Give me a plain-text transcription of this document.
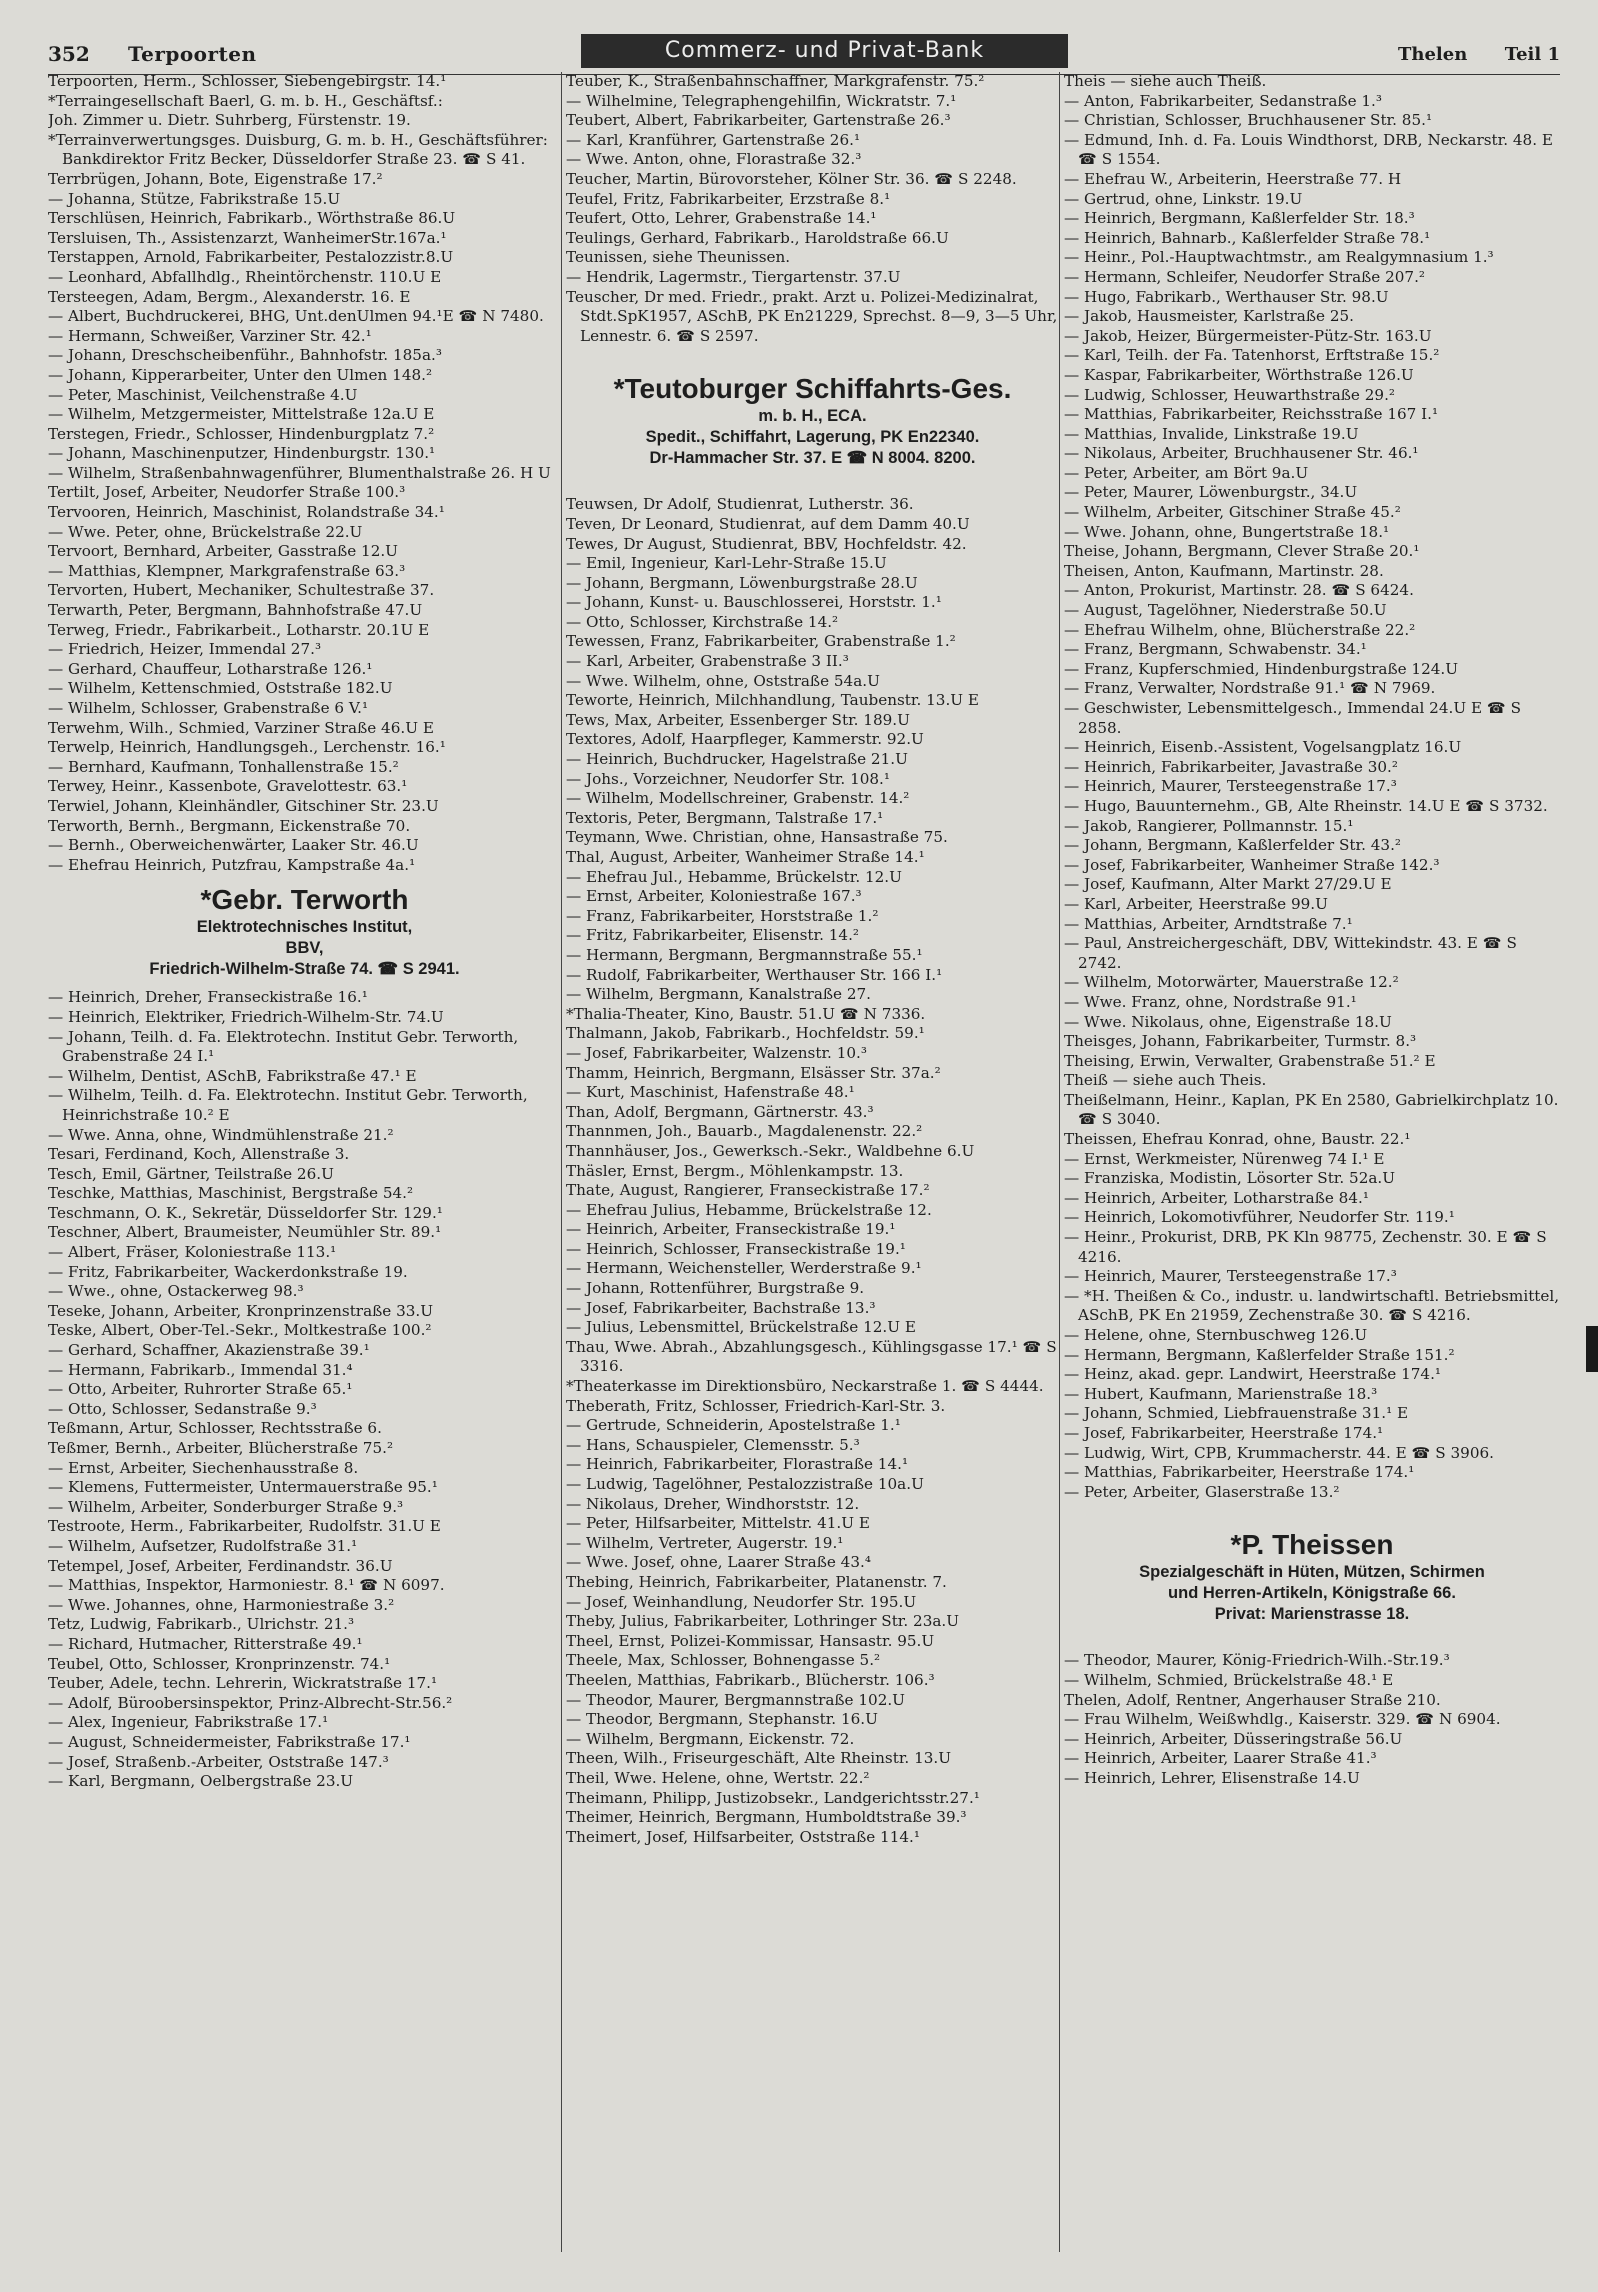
352 Terpoorten	Commerz- und Privat-Bank	Thelen Teil 1
Terpoorten, Herm., Schlosser, Siebengebirgstr. 14.¹
*Terraingesellschaft Baerl, G. m. b. H., Geschäftsf.:
Joh. Zimmer u. Dietr. Suhrberg, Fürstenstr. 19.
*Terrainverwertungsges. Duisburg, G. m. b. H., Geschäftsführer: Bankdirektor Fritz Becker, Düsseldorfer Straße 23. ☎ S 41.
Terrbrügen, Johann, Bote, Eigenstraße 17.²
— Johanna, Stütze, Fabrikstraße 15.U
Terschlüsen, Heinrich, Fabrikarb., Wörthstraße 86.U
Tersluisen, Th., Assistenzarzt, WanheimerStr.167a.¹
Terstappen, Arnold, Fabrikarbeiter, Pestalozzistr.8.U
— Leonhard, Abfallhdlg., Rheintörchenstr. 110.U E
Tersteegen, Adam, Bergm., Alexanderstr. 16. E
— Albert, Buchdruckerei, BHG, Unt.denUlmen 94.¹E ☎ N 7480.
— Hermann, Schweißer, Varziner Str. 42.¹
— Johann, Dreschscheibenführ., Bahnhofstr. 185a.³
— Johann, Kipperarbeiter, Unter den Ulmen 148.²
— Peter, Maschinist, Veilchenstraße 4.U
— Wilhelm, Metzgermeister, Mittelstraße 12a.U E
Terstegen, Friedr., Schlosser, Hindenburgplatz 7.²
— Johann, Maschinenputzer, Hindenburgstr. 130.¹
— Wilhelm, Straßenbahnwagenführer, Blumenthalstraße 26. H U
Tertilt, Josef, Arbeiter, Neudorfer Straße 100.³
Tervooren, Heinrich, Maschinist, Rolandstraße 34.¹
— Wwe. Peter, ohne, Brückelstraße 22.U
Tervoort, Bernhard, Arbeiter, Gasstraße 12.U
— Matthias, Klempner, Markgrafenstraße 63.³
Tervorten, Hubert, Mechaniker, Schultestraße 37.
Terwarth, Peter, Bergmann, Bahnhofstraße 47.U
Terweg, Friedr., Fabrikarbeit., Lotharstr. 20.1U E
— Friedrich, Heizer, Immendal 27.³
— Gerhard, Chauffeur, Lotharstraße 126.¹
— Wilhelm, Kettenschmied, Oststraße 182.U
— Wilhelm, Schlosser, Grabenstraße 6 V.¹
Terwehm, Wilh., Schmied, Varziner Straße 46.U E
Terwelp, Heinrich, Handlungsgeh., Lerchenstr. 16.¹
— Bernhard, Kaufmann, Tonhallenstraße 15.²
Terwey, Heinr., Kassenbote, Gravelottestr. 63.¹
Terwiel, Johann, Kleinhändler, Gitschiner Str. 23.U
Terworth, Bernh., Bergmann, Eickenstraße 70.
— Bernh., Oberweichenwärter, Laaker Str. 46.U
— Ehefrau Heinrich, Putzfrau, Kampstraße 4a.¹
*Gebr. Terworth
Elektrotechnisches Institut,
BBV,
Friedrich-Wilhelm-Straße 74. ☎ S 2941.
— Heinrich, Dreher, Franseckistraße 16.¹
— Heinrich, Elektriker, Friedrich-Wilhelm-Str. 74.U
— Johann, Teilh. d. Fa. Elektrotechn. Institut Gebr. Terworth, Grabenstraße 24 I.¹
— Wilhelm, Dentist, ASchB, Fabrikstraße 47.¹ E
— Wilhelm, Teilh. d. Fa. Elektrotechn. Institut Gebr. Terworth, Heinrichstraße 10.² E
— Wwe. Anna, ohne, Windmühlenstraße 21.²
Tesari, Ferdinand, Koch, Allenstraße 3.
Tesch, Emil, Gärtner, Teilstraße 26.U
Teschke, Matthias, Maschinist, Bergstraße 54.²
Teschmann, O. K., Sekretär, Düsseldorfer Str. 129.¹
Teschner, Albert, Braumeister, Neumühler Str. 89.¹
— Albert, Fräser, Koloniestraße 113.¹
— Fritz, Fabrikarbeiter, Wackerdonkstraße 19.
— Wwe., ohne, Ostackerweg 98.³
Teseke, Johann, Arbeiter, Kronprinzenstraße 33.U
Teske, Albert, Ober-Tel.-Sekr., Moltkestraße 100.²
— Gerhard, Schaffner, Akazienstraße 39.¹
— Hermann, Fabrikarb., Immendal 31.⁴
— Otto, Arbeiter, Ruhrorter Straße 65.¹
— Otto, Schlosser, Sedanstraße 9.³
Teßmann, Artur, Schlosser, Rechtsstraße 6.
Teßmer, Bernh., Arbeiter, Blücherstraße 75.²
— Ernst, Arbeiter, Siechenhausstraße 8.
— Klemens, Futtermeister, Untermauerstraße 95.¹
— Wilhelm, Arbeiter, Sonderburger Straße 9.³
Testroote, Herm., Fabrikarbeiter, Rudolfstr. 31.U E
— Wilhelm, Aufsetzer, Rudolfstraße 31.¹
Tetempel, Josef, Arbeiter, Ferdinandstr. 36.U
— Matthias, Inspektor, Harmoniestr. 8.¹ ☎ N 6097.
— Wwe. Johannes, ohne, Harmoniestraße 3.²
Tetz, Ludwig, Fabrikarb., Ulrichstr. 21.³
— Richard, Hutmacher, Ritterstraße 49.¹
Teubel, Otto, Schlosser, Kronprinzenstr. 74.¹
Teuber, Adele, techn. Lehrerin, Wickratstraße 17.¹
— Adolf, Büroobersinspektor, Prinz-Albrecht-Str.56.²
— Alex, Ingenieur, Fabrikstraße 17.¹
— August, Schneidermeister, Fabrikstraße 17.¹
— Josef, Straßenb.-Arbeiter, Oststraße 147.³
— Karl, Bergmann, Oelbergstraße 23.U
Teuber, K., Straßenbahnschaffner, Markgrafenstr. 75.²
— Wilhelmine, Telegraphengehilfin, Wickratstr. 7.¹
Teubert, Albert, Fabrikarbeiter, Gartenstraße 26.³
— Karl, Kranführer, Gartenstraße 26.¹
— Wwe. Anton, ohne, Florastraße 32.³
Teucher, Martin, Bürovorsteher, Kölner Str. 36. ☎ S 2248.
Teufel, Fritz, Fabrikarbeiter, Erzstraße 8.¹
Teufert, Otto, Lehrer, Grabenstraße 14.¹
Teulings, Gerhard, Fabrikarb., Haroldstraße 66.U
Teunissen, siehe Theunissen.
— Hendrik, Lagermstr., Tiergartenstr. 37.U
Teuscher, Dr med. Friedr., prakt. Arzt u. Polizei-Medizinalrat, Stdt.SpK1957, ASchB, PK En21229, Sprechst. 8—9, 3—5 Uhr, Lennestr. 6. ☎ S 2597.
*Teutoburger Schiffahrts-Ges.
m. b. H., ECA.
Spedit., Schiffahrt, Lagerung, PK En22340.
Dr-Hammacher Str. 37. E ☎ N 8004. 8200.
Teuwsen, Dr Adolf, Studienrat, Lutherstr. 36.
Teven, Dr Leonard, Studienrat, auf dem Damm 40.U
Tewes, Dr August, Studienrat, BBV, Hochfeldstr. 42.
— Emil, Ingenieur, Karl-Lehr-Straße 15.U
— Johann, Bergmann, Löwenburgstraße 28.U
— Johann, Kunst- u. Bauschlosserei, Horststr. 1.¹
— Otto, Schlosser, Kirchstraße 14.²
Tewessen, Franz, Fabrikarbeiter, Grabenstraße 1.²
— Karl, Arbeiter, Grabenstraße 3 II.³
— Wwe. Wilhelm, ohne, Oststraße 54a.U
Teworte, Heinrich, Milchhandlung, Taubenstr. 13.U E
Tews, Max, Arbeiter, Essenberger Str. 189.U
Textores, Adolf, Haarpfleger, Kammerstr. 92.U
— Heinrich, Buchdrucker, Hagelstraße 21.U
— Johs., Vorzeichner, Neudorfer Str. 108.¹
— Wilhelm, Modellschreiner, Grabenstr. 14.²
Textoris, Peter, Bergmann, Talstraße 17.¹
Teymann, Wwe. Christian, ohne, Hansastraße 75.
Thal, August, Arbeiter, Wanheimer Straße 14.¹
— Ehefrau Jul., Hebamme, Brückelstr. 12.U
— Ernst, Arbeiter, Koloniestraße 167.³
— Franz, Fabrikarbeiter, Horststraße 1.²
— Fritz, Fabrikarbeiter, Elisenstr. 14.²
— Hermann, Bergmann, Bergmannstraße 55.¹
— Rudolf, Fabrikarbeiter, Werthauser Str. 166 I.¹
— Wilhelm, Bergmann, Kanalstraße 27.
*Thalia-Theater, Kino, Baustr. 51.U ☎ N 7336.
Thalmann, Jakob, Fabrikarb., Hochfeldstr. 59.¹
— Josef, Fabrikarbeiter, Walzenstr. 10.³
Thamm, Heinrich, Bergmann, Elsässer Str. 37a.²
— Kurt, Maschinist, Hafenstraße 48.¹
Than, Adolf, Bergmann, Gärtnerstr. 43.³
Thannmen, Joh., Bauarb., Magdalenenstr. 22.²
Thannhäuser, Jos., Gewerksch.-Sekr., Waldbehne 6.U
Thäsler, Ernst, Bergm., Möhlenkampstr. 13.
Thate, August, Rangierer, Franseckistraße 17.²
— Ehefrau Julius, Hebamme, Brückelstraße 12.
— Heinrich, Arbeiter, Franseckistraße 19.¹
— Heinrich, Schlosser, Franseckistraße 19.¹
— Hermann, Weichensteller, Werderstraße 9.¹
— Johann, Rottenführer, Burgstraße 9.
— Josef, Fabrikarbeiter, Bachstraße 13.³
— Julius, Lebensmittel, Brückelstraße 12.U E
Thau, Wwe. Abrah., Abzahlungsgesch., Kühlingsgasse 17.¹ ☎ S 3316.
*Theaterkasse im Direktionsbüro, Neckarstraße 1. ☎ S 4444.
Theberath, Fritz, Schlosser, Friedrich-Karl-Str. 3.
— Gertrude, Schneiderin, Apostelstraße 1.¹
— Hans, Schauspieler, Clemensstr. 5.³
— Heinrich, Fabrikarbeiter, Florastraße 14.¹
— Ludwig, Tagelöhner, Pestalozzistraße 10a.U
— Nikolaus, Dreher, Windhorststr. 12.
— Peter, Hilfsarbeiter, Mittelstr. 41.U E
— Wilhelm, Vertreter, Augerstr. 19.¹
— Wwe. Josef, ohne, Laarer Straße 43.⁴
Thebing, Heinrich, Fabrikarbeiter, Platanenstr. 7.
— Josef, Weinhandlung, Neudorfer Str. 195.U
Theby, Julius, Fabrikarbeiter, Lothringer Str. 23a.U
Theel, Ernst, Polizei-Kommissar, Hansastr. 95.U
Theele, Max, Schlosser, Bohnengasse 5.²
Theelen, Matthias, Fabrikarb., Blücherstr. 106.³
— Theodor, Maurer, Bergmannstraße 102.U
— Theodor, Bergmann, Stephanstr. 16.U
— Wilhelm, Bergmann, Eickenstr. 72.
Theen, Wilh., Friseurgeschäft, Alte Rheinstr. 13.U
Theil, Wwe. Helene, ohne, Wertstr. 22.²
Theimann, Philipp, Justizobsekr., Landgerichtsstr.27.¹
Theimer, Heinrich, Bergmann, Humboldtstraße 39.³
Theimert, Josef, Hilfsarbeiter, Oststraße 114.¹
Theis — siehe auch Theiß.
— Anton, Fabrikarbeiter, Sedanstraße 1.³
— Christian, Schlosser, Bruchhausener Str. 85.¹
— Edmund, Inh. d. Fa. Louis Windthorst, DRB, Neckarstr. 48. E ☎ S 1554.
— Ehefrau W., Arbeiterin, Heerstraße 77. H
— Gertrud, ohne, Linkstr. 19.U
— Heinrich, Bergmann, Kaßlerfelder Str. 18.³
— Heinrich, Bahnarb., Kaßlerfelder Straße 78.¹
— Heinr., Pol.-Hauptwachtmstr., am Realgymnasium 1.³
— Hermann, Schleifer, Neudorfer Straße 207.²
— Hugo, Fabrikarb., Werthauser Str. 98.U
— Jakob, Hausmeister, Karlstraße 25.
— Jakob, Heizer, Bürgermeister-Pütz-Str. 163.U
— Karl, Teilh. der Fa. Tatenhorst, Erftstraße 15.²
— Kaspar, Fabrikarbeiter, Wörthstraße 126.U
— Ludwig, Schlosser, Heuwarthstraße 29.²
— Matthias, Fabrikarbeiter, Reichsstraße 167 I.¹
— Matthias, Invalide, Linkstraße 19.U
— Nikolaus, Arbeiter, Bruchhausener Str. 46.¹
— Peter, Arbeiter, am Bört 9a.U
— Peter, Maurer, Löwenburgstr., 34.U
— Wilhelm, Arbeiter, Gitschiner Straße 45.²
— Wwe. Johann, ohne, Bungertstraße 18.¹
Theise, Johann, Bergmann, Clever Straße 20.¹
Theisen, Anton, Kaufmann, Martinstr. 28.
— Anton, Prokurist, Martinstr. 28. ☎ S 6424.
— August, Tagelöhner, Niederstraße 50.U
— Ehefrau Wilhelm, ohne, Blücherstraße 22.²
— Franz, Bergmann, Schwabenstr. 34.¹
— Franz, Kupferschmied, Hindenburgstraße 124.U
— Franz, Verwalter, Nordstraße 91.¹ ☎ N 7969.
— Geschwister, Lebensmittelgesch., Immendal 24.U E ☎ S 2858.
— Heinrich, Eisenb.-Assistent, Vogelsangplatz 16.U
— Heinrich, Fabrikarbeiter, Javastraße 30.²
— Heinrich, Maurer, Tersteegenstraße 17.³
— Hugo, Bauunternehm., GB, Alte Rheinstr. 14.U E ☎ S 3732.
— Jakob, Rangierer, Pollmannstr. 15.¹
— Johann, Bergmann, Kaßlerfelder Str. 43.²
— Josef, Fabrikarbeiter, Wanheimer Straße 142.³
— Josef, Kaufmann, Alter Markt 27/29.U E
— Karl, Arbeiter, Heerstraße 99.U
— Matthias, Arbeiter, Arndtstraße 7.¹
— Paul, Anstreichergeschäft, DBV, Wittekindstr. 43. E ☎ S 2742.
— Wilhelm, Motorwärter, Mauerstraße 12.²
— Wwe. Franz, ohne, Nordstraße 91.¹
— Wwe. Nikolaus, ohne, Eigenstraße 18.U
Theisges, Johann, Fabrikarbeiter, Turmstr. 8.³
Theising, Erwin, Verwalter, Grabenstraße 51.² E
Theiß — siehe auch Theis.
Theißelmann, Heinr., Kaplan, PK En 2580, Gabrielkirchplatz 10. ☎ S 3040.
Theissen, Ehefrau Konrad, ohne, Baustr. 22.¹
— Ernst, Werkmeister, Nürenweg 74 I.¹ E
— Franziska, Modistin, Lösorter Str. 52a.U
— Heinrich, Arbeiter, Lotharstraße 84.¹
— Heinrich, Lokomotivführer, Neudorfer Str. 119.¹
— Heinr., Prokurist, DRB, PK Kln 98775, Zechenstr. 30. E ☎ S 4216.
— Heinrich, Maurer, Tersteegenstraße 17.³
— *H. Theißen & Co., industr. u. landwirtschaftl. Betriebsmittel, ASchB, PK En 21959, Zechenstraße 30. ☎ S 4216.
— Helene, ohne, Sternbuschweg 126.U
— Hermann, Bergmann, Kaßlerfelder Straße 151.²
— Heinz, akad. gepr. Landwirt, Heerstraße 174.¹
— Hubert, Kaufmann, Marienstraße 18.³
— Johann, Schmied, Liebfrauenstraße 31.¹ E
— Josef, Fabrikarbeiter, Heerstraße 174.¹
— Ludwig, Wirt, CPB, Krummacherstr. 44. E ☎ S 3906.
— Matthias, Fabrikarbeiter, Heerstraße 174.¹
— Peter, Arbeiter, Glaserstraße 13.²
*P. Theissen
Spezialgeschäft in Hüten, Mützen, Schirmen
und Herren-Artikeln, Königstraße 66.
Privat: Marienstrasse 18.
— Theodor, Maurer, König-Friedrich-Wilh.-Str.19.³
— Wilhelm, Schmied, Brückelstraße 48.¹ E
Thelen, Adolf, Rentner, Angerhauser Straße 210.
— Frau Wilhelm, Weißwhdlg., Kaiserstr. 329. ☎ N 6904.
— Heinrich, Arbeiter, Düsseringstraße 56.U
— Heinrich, Arbeiter, Laarer Straße 41.³
— Heinrich, Lehrer, Elisenstraße 14.U
